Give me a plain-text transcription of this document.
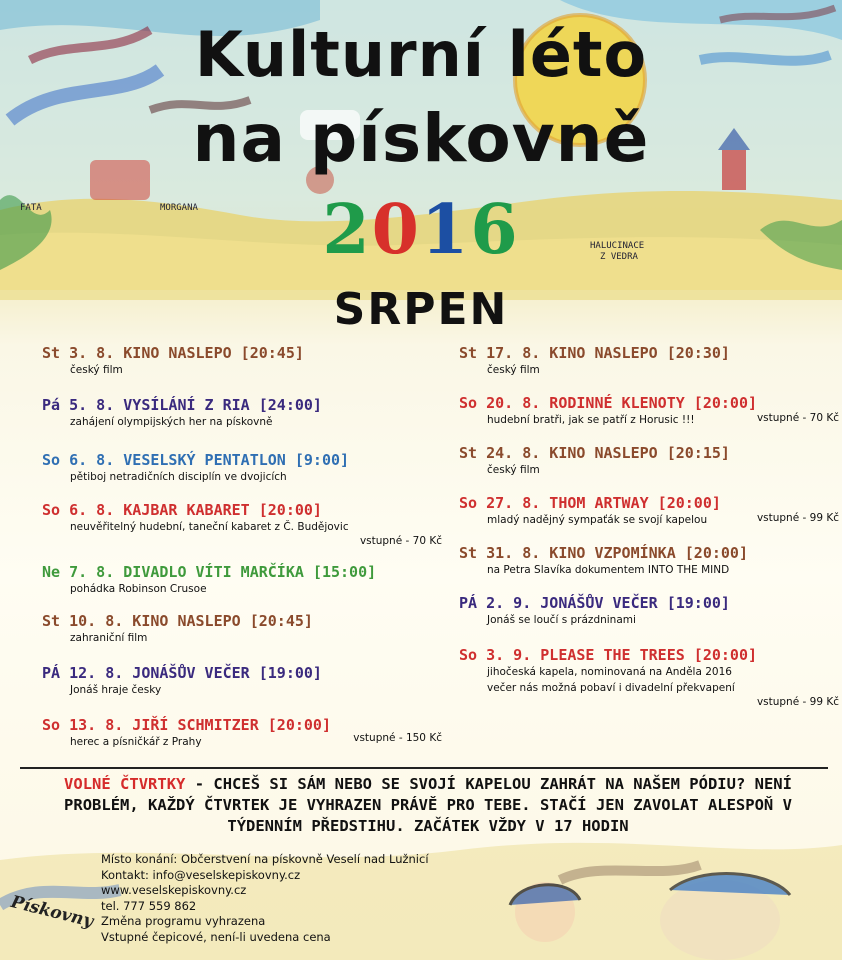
FATA	MORGANA
HALUCINACE
Z VEDRA
Kulturní léto
na pískovně
2016
SRPEN
St 3. 8. KINO NASLEPO [20:45]
český film
Pá 5. 8. VYSÍLÁNÍ Z RIA [24:00]
zahájení olympijských her na pískovně
So 6. 8. VESELSKÝ PENTATLON [9:00]
pětiboj netradičních disciplín ve dvojicích
So 6. 8. KAJBAR KABARET [20:00]
neuvěřitelný hudební, taneční kabaret z Č. Budějovic
vstupné - 70 Kč
Ne 7. 8. DIVADLO VÍTI MARČÍKA [15:00]
pohádka Robinson Crusoe
St 10. 8. KINO NASLEPO [20:45]
zahraniční film
PÁ 12. 8. JONÁŠŮV VEČER [19:00]
Jonáš hraje česky
So 13. 8. JIŘÍ SCHMITZER [20:00]
herec a písničkář z Prahy	vstupné - 150 Kč
St 17. 8. KINO NASLEPO [20:30]
český film
So 20. 8. RODINNÉ KLENOTY [20:00]
hudební bratři, jak se patří z Horusic !!!	vstupné - 70 Kč
St 24. 8. KINO NASLEPO [20:15]
český film
So 27. 8. THOM ARTWAY [20:00]
mladý nadějný sympaťák se svojí kapelou	vstupné - 99 Kč
St 31. 8. KINO VZPOMÍNKA [20:00]
na Petra Slavíka dokumentem INTO THE MIND
PÁ 2. 9. JONÁŠŮV VEČER [19:00]
Jonáš se loučí s prázdninami
So 3. 9. PLEASE THE TREES [20:00]
jihočeská kapela, nominovaná na Anděla 2016
večer nás možná pobaví i divadelní překvapení
vstupné - 99 Kč
VOLNÉ ČTVRTKY - CHCEŠ SI SÁM NEBO SE SVOJÍ KAPELOU ZAHRÁT NA NAŠEM PÓDIU? NENÍ PROBLÉM, KAŽDÝ ČTVRTEK JE VYHRAZEN PRÁVĚ PRO TEBE. STAČÍ JEN ZAVOLAT ALESPOŇ V TÝDENNÍM PŘEDSTIHU. ZAČÁTEK VŽDY V 17 HODIN
Místo konání: Občerstvení na pískovně Veselí nad Lužnicí
Kontakt: info@veselskepiskovny.cz
www.veselskepiskovny.cz
tel. 777 559 862
Změna programu vyhrazena
Vstupné čepicové, není-li uvedena cena
Pískovny
